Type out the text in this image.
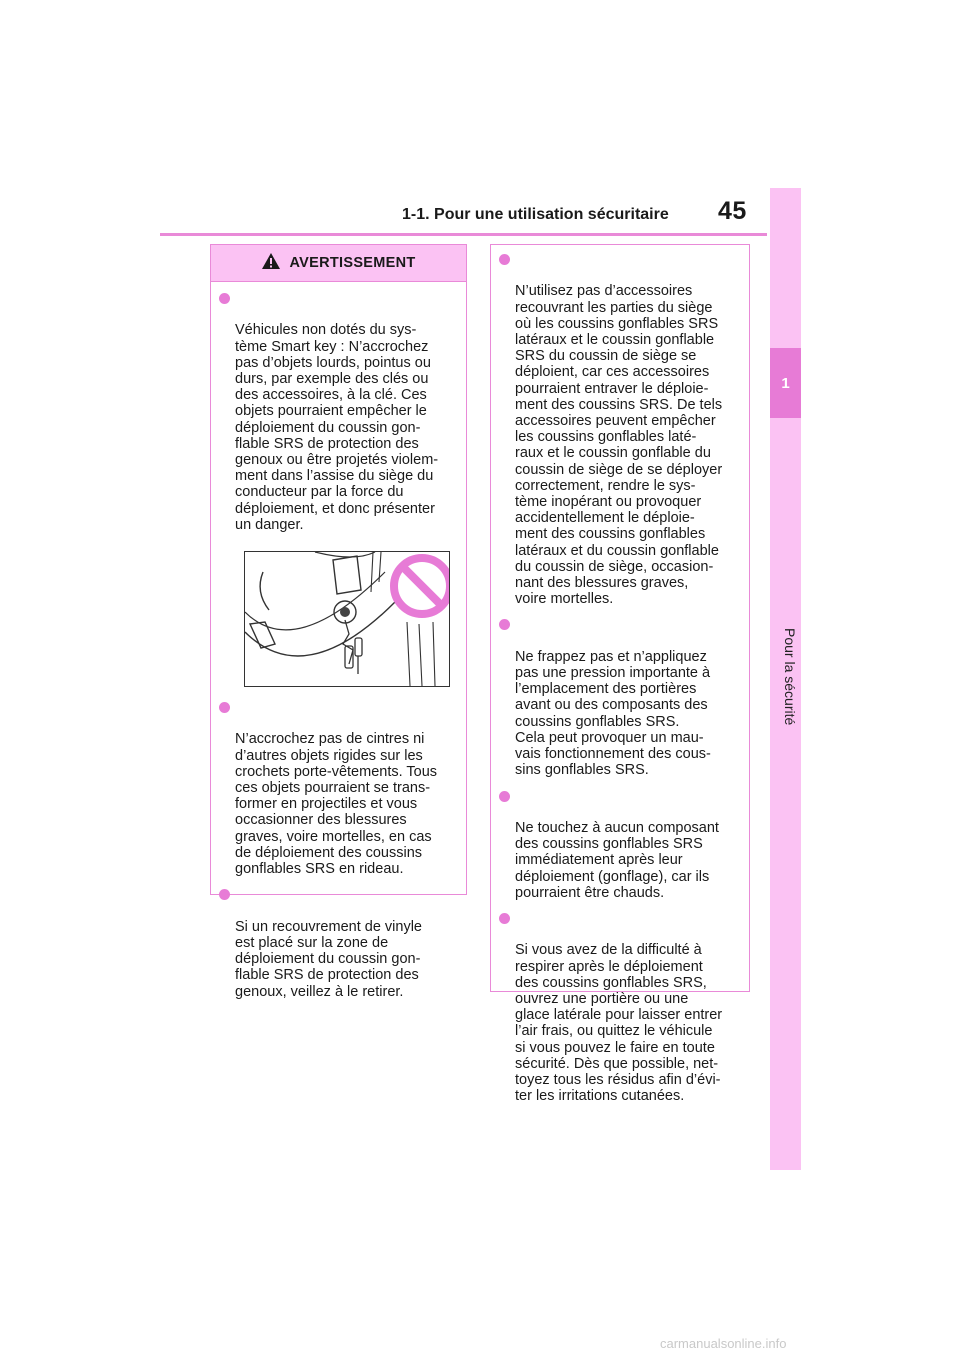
1-1. Pour une utilisation sécuritaire	45
1
Pour la sécurité
AVERTISSEMENT

Véhicules non dotés du sys-
tème Smart key : N’accrochez
pas d’objets lourds, pointus ou
durs, par exemple des clés ou
des accessoires, à la clé. Ces
objets pourraient empêcher le
déploiement du coussin gon-
flable SRS de protection des
genoux ou être projetés violem-
ment dans l’assise du siège du
conducteur par la force du
déploiement, et donc présenter
un danger.

N’accrochez pas de cintres ni
d’autres objets rigides sur les
crochets porte-vêtements. Tous
ces objets pourraient se trans-
former en projectiles et vous
occasionner des blessures
graves, voire mortelles, en cas
de déploiement des coussins
gonflables SRS en rideau.

Si un recouvrement de vinyle
est placé sur la zone de
déploiement du coussin gon-
flable SRS de protection des
genoux, veillez à le retirer.

N’utilisez pas d’accessoires
recouvrant les parties du siège
où les coussins gonflables SRS
latéraux et le coussin gonflable
SRS du coussin de siège se
déploient, car ces accessoires
pourraient entraver le déploie-
ment des coussins SRS. De tels
accessoires peuvent empêcher
les coussins gonflables laté-
raux et le coussin gonflable du
coussin de siège de se déployer
correctement, rendre le sys-
tème inopérant ou provoquer
accidentellement le déploie-
ment des coussins gonflables
latéraux et du coussin gonflable
du coussin de siège, occasion-
nant des blessures graves,
voire mortelles.

Ne frappez pas et n’appliquez
pas une pression importante à
l’emplacement des portières
avant ou des composants des
coussins gonflables SRS.
Cela peut provoquer un mau-
vais fonctionnement des cous-
sins gonflables SRS.

Ne touchez à aucun composant
des coussins gonflables SRS
immédiatement après leur
déploiement (gonflage), car ils
pourraient être chauds.

Si vous avez de la difficulté à
respirer après le déploiement
des coussins gonflables SRS,
ouvrez une portière ou une
glace latérale pour laisser entrer
l’air frais, ou quittez le véhicule
si vous pouvez le faire en toute
sécurité. Dès que possible, net-
toyez tous les résidus afin d’évi-
ter les irritations cutanées.

carmanualsonline.info
